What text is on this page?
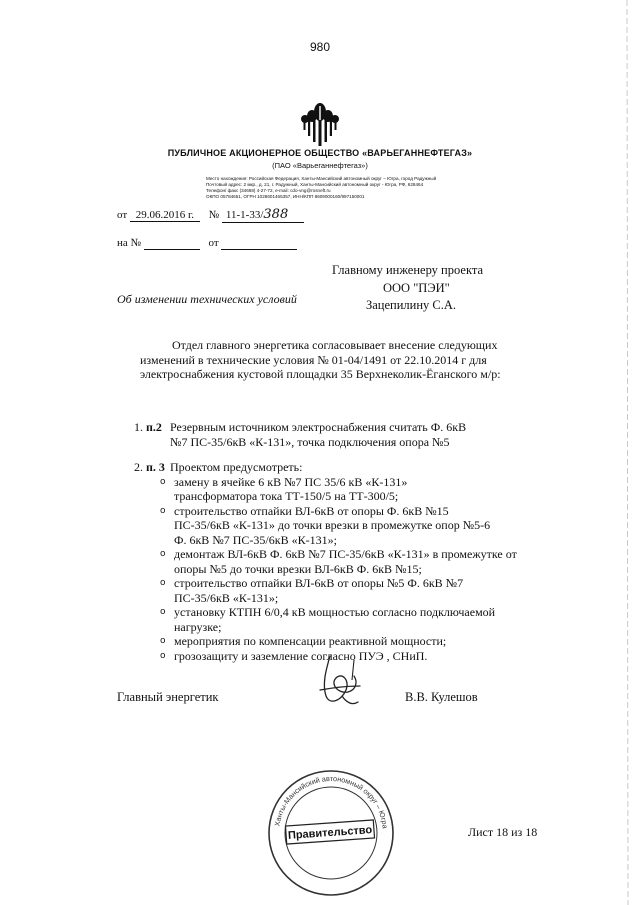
980
ПУБЛИЧНОЕ АКЦИОНЕРНОЕ ОБЩЕСТВО «ВАРЬЕГАННЕФТЕГАЗ»
(ПАО «Варьеганнефтегаз»)
Место нахождения: Российская Федерация, Ханты-Мансийский автономный округ – Югра, город Радужный
Почтовый адрес: 2 мкр., д. 21, г. Радужный, Ханты-Мансийский автономный округ - Югра, РФ, 628464
Телефон/ факс (34668) 4-27-72, e-mail: cdo-vng@rosneft.ru
ОКПО 05784651, ОГРН 1028601465357, ИНН/КПП 8609000160/997150001
от 29.06.2016 г. № 11-1-33/388
на №	от
Главному инженеру проекта
ООО "ПЭИ"
Зацепилину С.А.
Об изменении технических условий
Отдел главного энергетика согласовывает внесение следующих изменений в технические условия № 01-04/1491 от 22.10.2014 г для электроснабжения кустовой площадки 35 Верхнеколик-Ёганского м/р:
1. п.2 Резервным источником электроснабжения считать Ф. 6кВ №7 ПС-35/6кВ «К-131», точка подключения опора №5
2. п. 3 Проектом предусмотреть:
o замену в ячейке 6 кВ №7 ПС 35/6 кВ «К-131» трансформатора тока ТТ-150/5 на ТТ-300/5;
o строительство отпайки ВЛ-6кВ от опоры Ф. 6кВ №15 ПС-35/6кВ «К-131» до точки врезки в промежутке опор №5-6 Ф. 6кВ №7 ПС-35/6кВ «К-131»;
o демонтаж ВЛ-6кВ Ф. 6кВ №7 ПС-35/6кВ «К-131» в промежутке от опоры №5 до точки врезки ВЛ-6кВ Ф. 6кВ №15;
o строительство отпайки ВЛ-6кВ от опоры №5 Ф. 6кВ №7 ПС-35/6кВ «К-131»;
o установку КТПН 6/0,4 кВ мощностью согласно подключаемой нагрузке;
o мероприятия по компенсации реактивной мощности;
o грозозащиту и заземление согласно ПУЭ , СНиП.
Главный энергетик	В.В. Кулешов
Ханты-Мансийский автономный округ – Югра
Правительство	Лист 18 из 18
